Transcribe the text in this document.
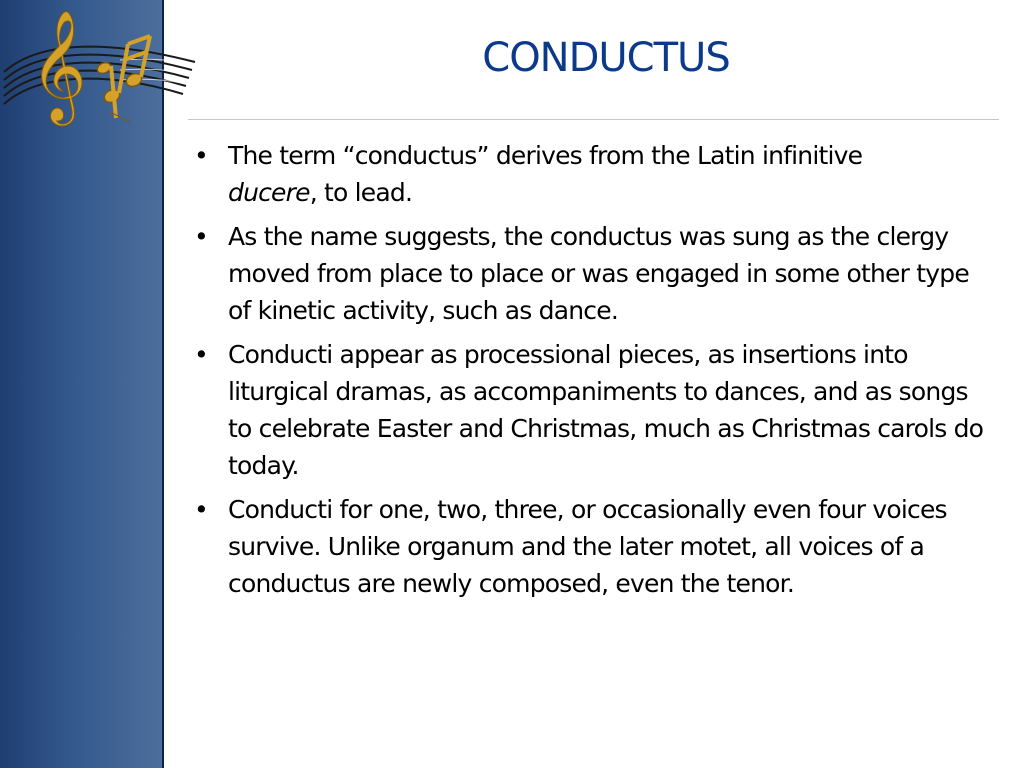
𝄞	CONDUCTUS
• The term “conductus” derives from the Latin infinitive
ducere, to lead.
• As the name suggests, the conductus was sung as the clergy moved from place to place or was engaged in some other type of kinetic activity, such as dance.
• Conducti appear as processional pieces, as insertions into liturgical dramas, as accompaniments to dances, and as songs to celebrate Easter and Christmas, much as Christmas carols do today.
• Conducti for one, two, three, or occasionally even four voices survive. Unlike organum and the later motet, all voices of a conductus are newly composed, even the tenor.
